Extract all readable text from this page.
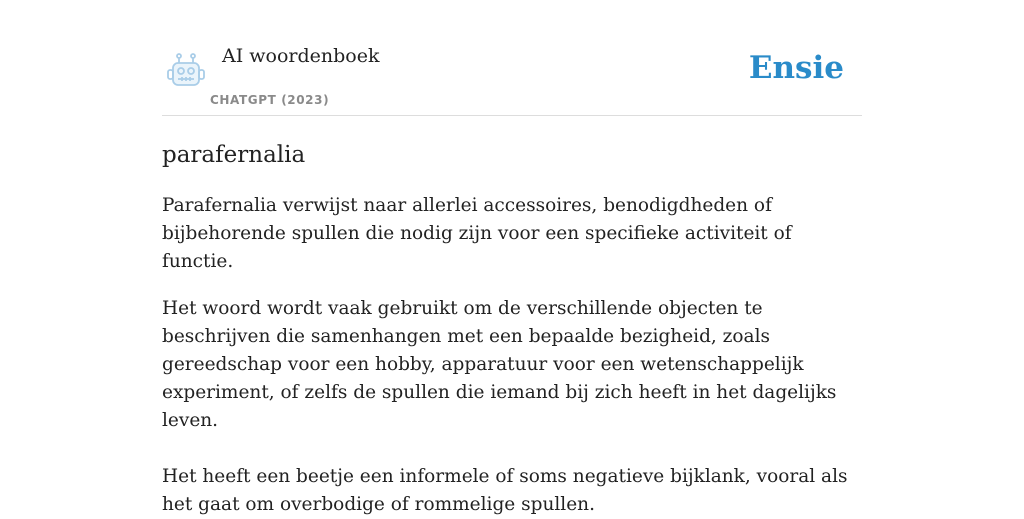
AI woordenboek
CHATGPT (2023)
Ensie
parafernalia

Parafernalia verwijst naar allerlei accessoires, benodigdheden of bijbehorende spullen die nodig zijn voor een specifieke activiteit of functie.

Het woord wordt vaak gebruikt om de verschillende objecten te beschrijven die samenhangen met een bepaalde bezigheid, zoals gereedschap voor een hobby, apparatuur voor een wetenschappelijk experiment, of zelfs de spullen die iemand bij zich heeft in het dagelijks leven.

Het heeft een beetje een informele of soms negatieve bijklank, vooral als het gaat om overbodige of rommelige spullen.
